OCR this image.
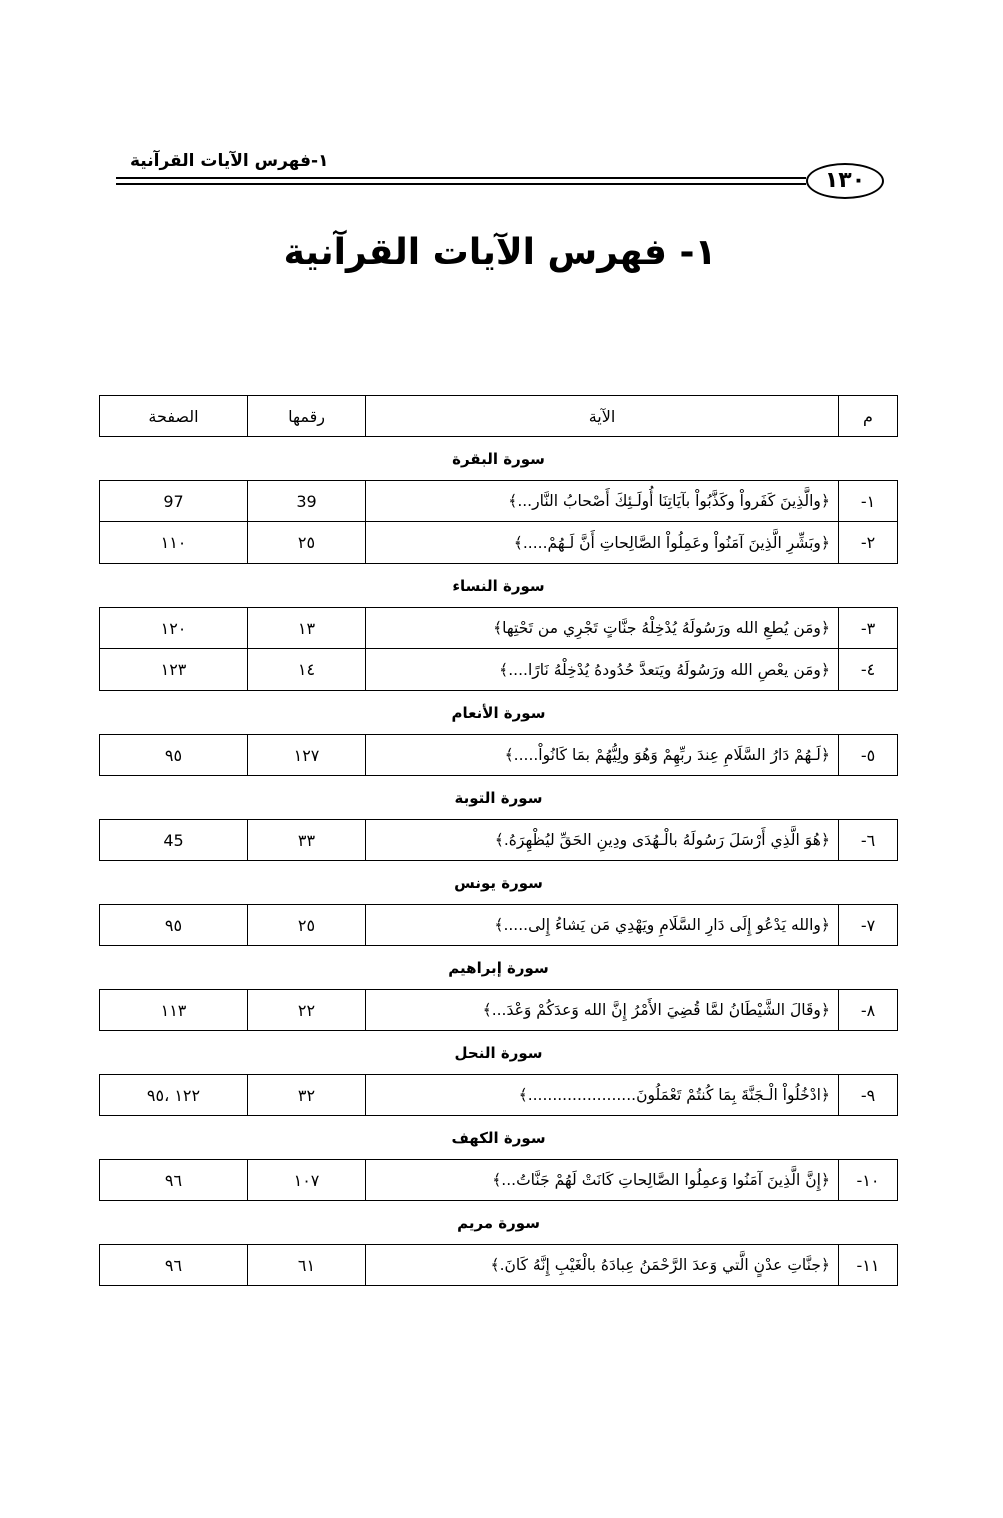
١-فهرس الآيات القرآنية
١٣٠
١- فهرس الآيات القرآنية
م
الآية
رقمها
الصفحة
سورة البقرة
١-
﴿والَّذِينَ كَفَرواْ وكَذَّبُواْ بآيَاتِنَا أُولَـئِكَ أَصْحابُ النَّار...﴾
39
97
٢-
﴿وبَشِّرِ الَّذِينَ آمَنُواْ وعَمِلُواْ الصَّالِحاتِ أَنَّ لَـهُمْ.....﴾
٢٥
١١٠
سورة النساء
٣-
﴿ومَن يُطعِ الله ورَسُولَهُ يُدْخِلْهُ جنَّاتٍ تَجْرِي من تَحْتِها﴾
١٣
١٢٠
٤-
﴿ومَن يعْصِ الله ورَسُولَهُ ويَتعدَّ حُدُودهُ يُدْخِلْهُ نَارًا....﴾
١٤
١٢٣
سورة الأنعام
٥-
﴿لَـهُمْ دَارُ السَّلَامِ عِندَ ربِّهِمْ وَهُوَ ولِيُّهُمْ بمَا كَانُواْ.....﴾
١٢٧
٩٥
سورة التوبة
٦-
﴿هُوَ الَّذِي أَرْسَلَ رَسُولَهُ بالْـهُدَى ودِينِ الحَقِّ ليُظْهِرَهُ.﴾
٣٣
45
سورة يونس
٧-
﴿والله يَدْعُو إِلَى دَارِ السَّلَامِ ويَهْدِي مَن يَشاءُ إِلى.....﴾
٢٥
٩٥
سورة إبراهيم
٨-
﴿وقَالَ الشَّيْطَانُ لمَّا قُضِيَ الأَمْرُ إِنَّ الله وَعدَكُمْ وَعْدَ...﴾
٢٢
١١٣
سورة النحل
٩-
﴿ادْخُلُواْ الْـجَنَّةَ بِمَا كُنتُمْ تَعْمَلُونَ......................﴾
٣٢
١٢٢ ،٩٥
سورة الكهف
١٠-
﴿إِنَّ الَّذِينَ آمَنُوا وَعمِلُوا الصَّالِحاتِ كَانَتْ لَهُمْ جَنَّاتُ...﴾
١٠٧
٩٦
سورة مريم
١١-
﴿جنَّاتِ عدْنٍ الَّتي وَعدَ الرَّحْمَنُ عِبادَهُ بالْغَيْبِ إِنَّهُ كَانَ.﴾
٦١
٩٦
